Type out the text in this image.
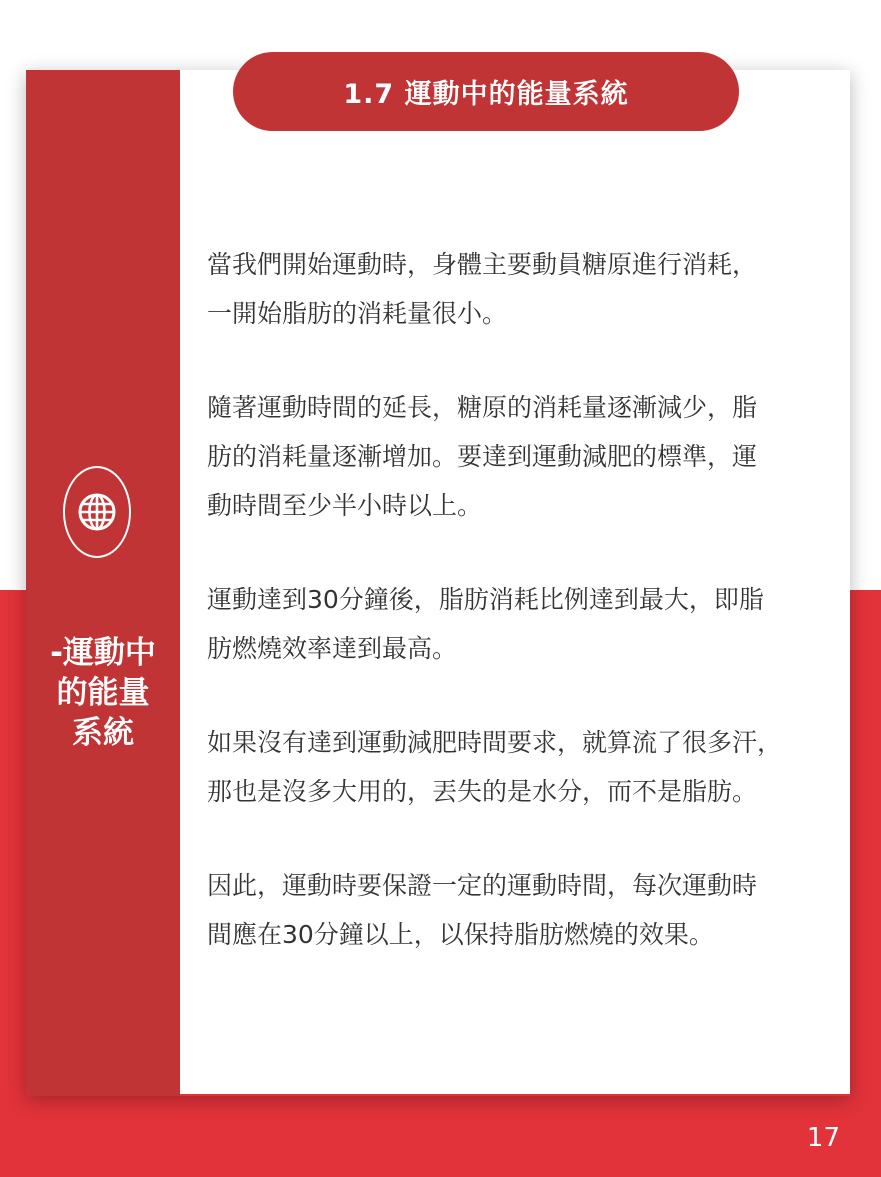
-運動中
的能量
系統
1.7 運動中的能量系統
當我們開始運動時，身體主要動員糖原進行消耗，
一開始脂肪的消耗量很小。
隨著運動時間的延長，糖原的消耗量逐漸減少，脂
肪的消耗量逐漸增加。要達到運動減肥的標準，運
動時間至少半小時以上。
運動達到30分鐘後，脂肪消耗比例達到最大，即脂
肪燃燒效率達到最高。
如果沒有達到運動減肥時間要求，就算流了很多汗，
那也是沒多大用的，丟失的是水分，而不是脂肪。
因此，運動時要保證一定的運動時間，每次運動時
間應在30分鐘以上，以保持脂肪燃燒的效果。
17
